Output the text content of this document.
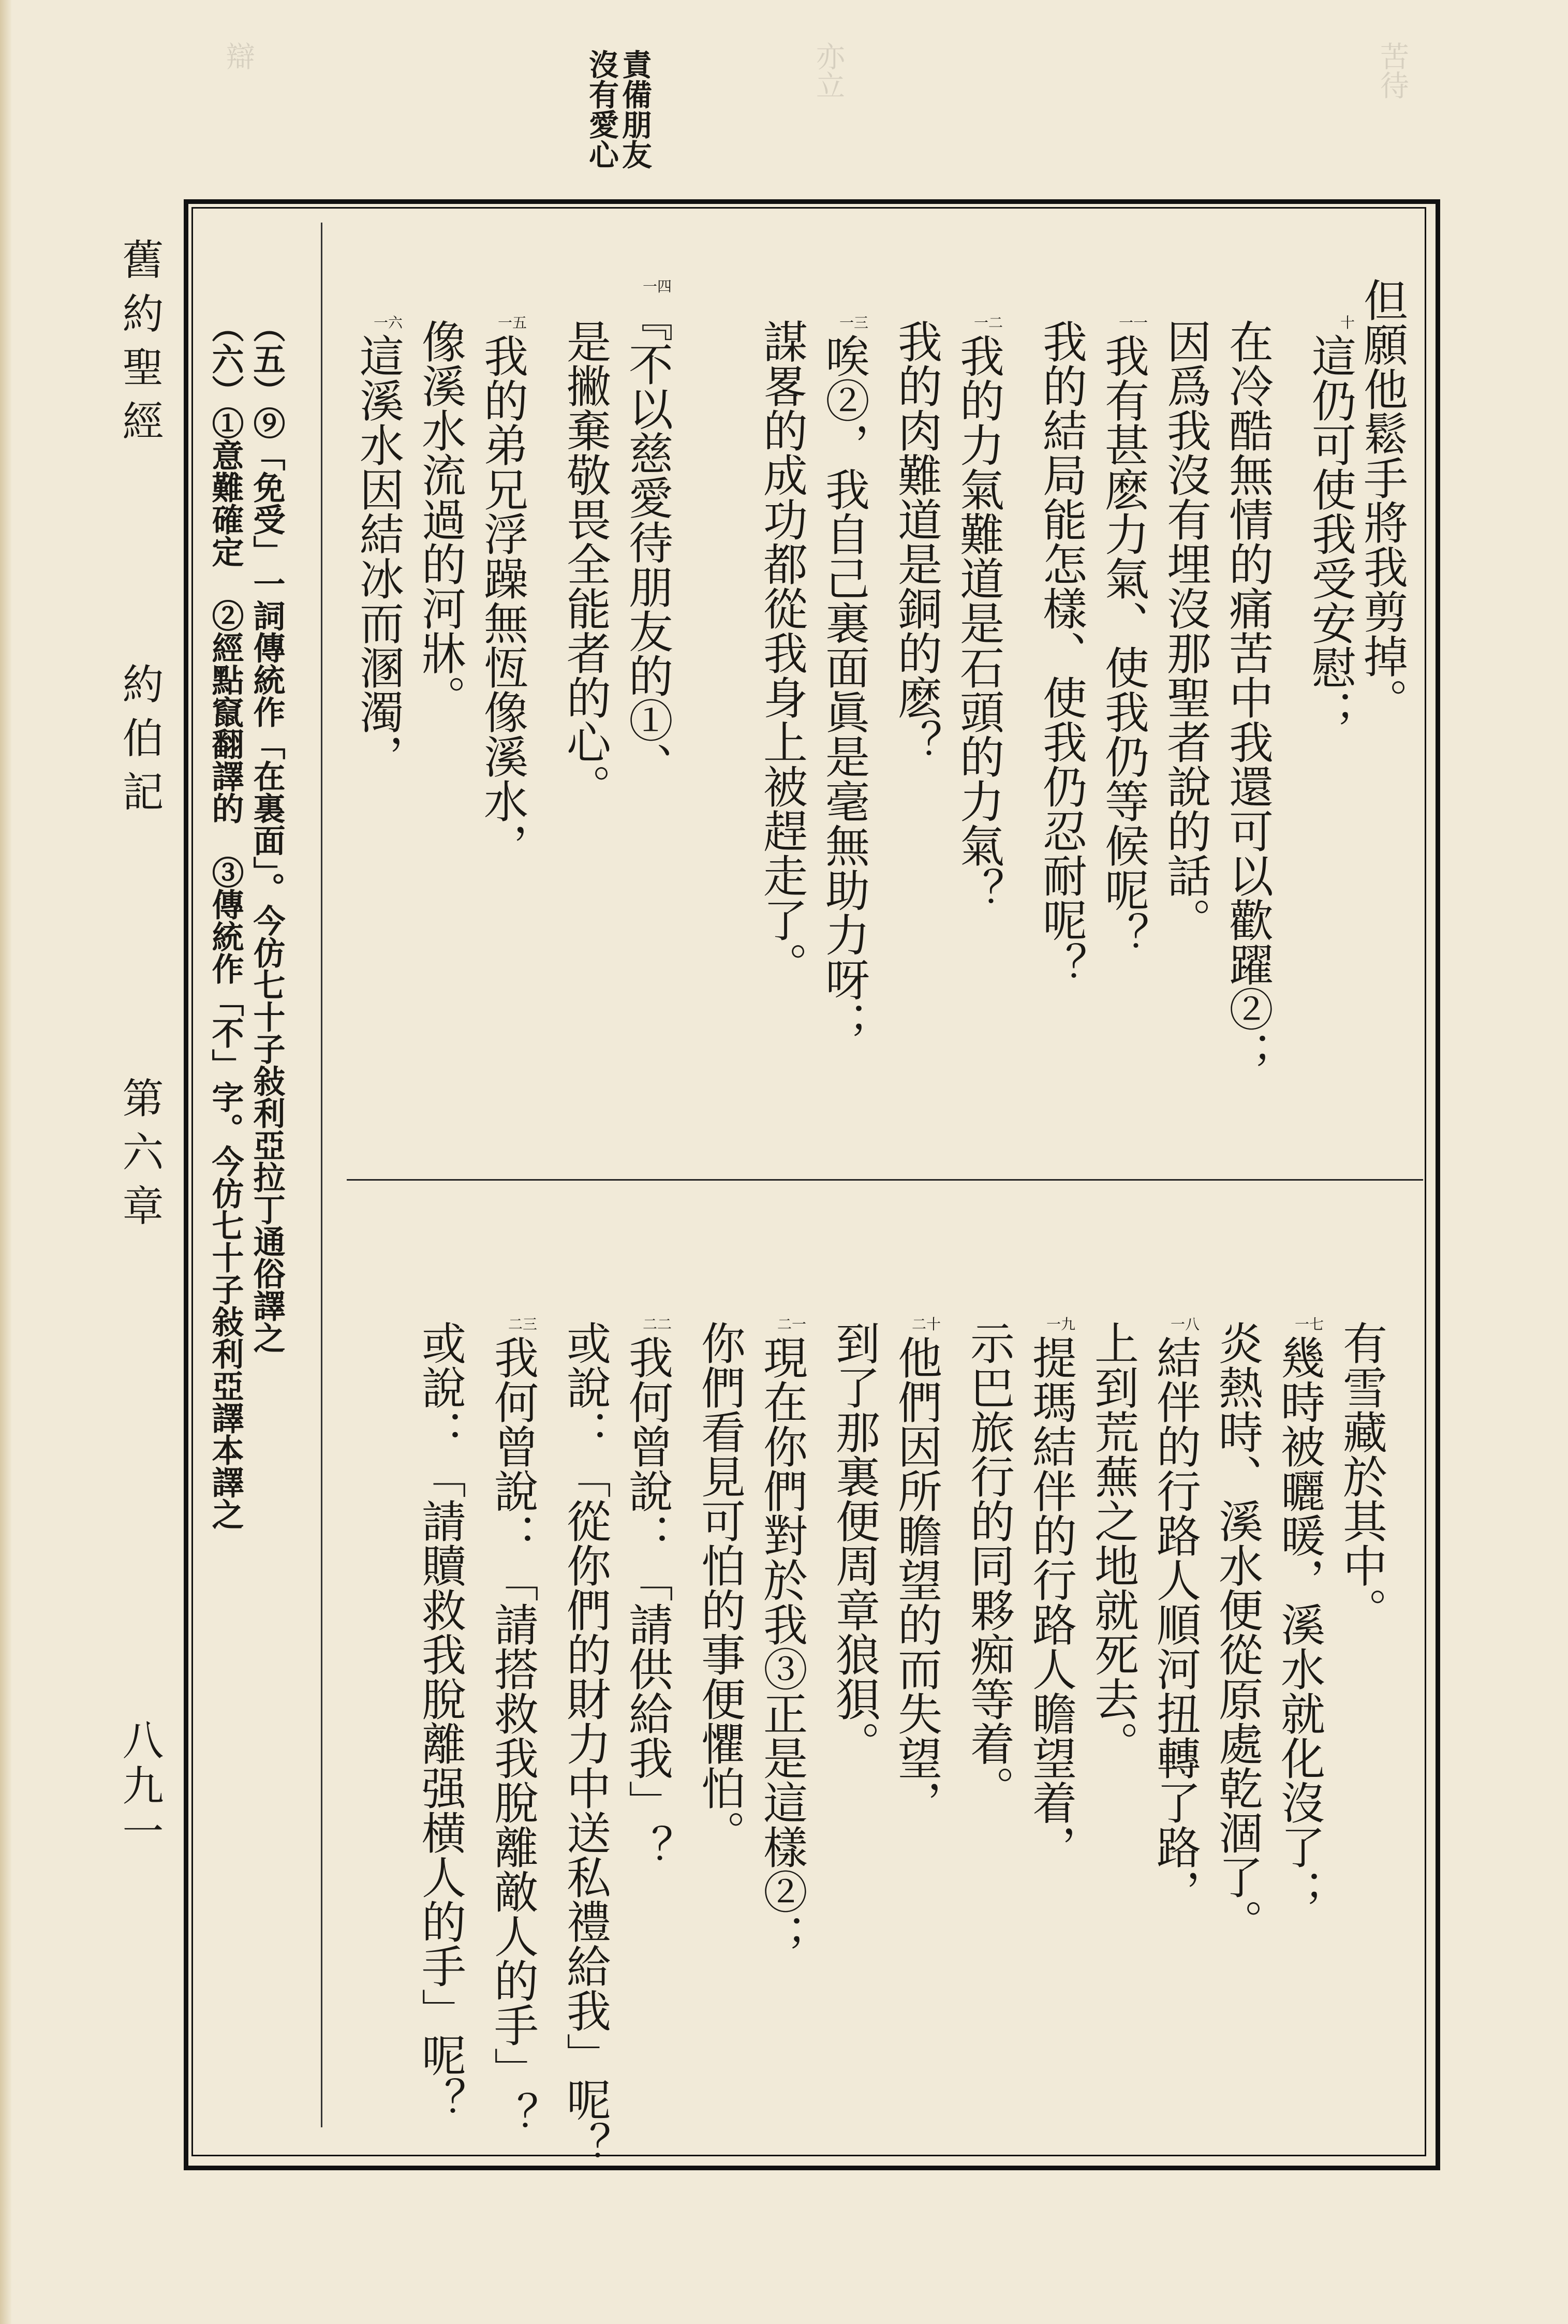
苦待
亦立
辯	責備朋友
沒有愛心
舊約聖經
約伯記
第六章
八九一
但願他鬆手將我剪掉。
十這仍可使我受安慰；
在冷酷無情的痛苦中我還可以歡躍②；
因爲我沒有埋沒那聖者說的話。
一一我有甚麽力氣、使我仍等候呢？
我的結局能怎樣、使我仍忍耐呢？
一二我的力氣難道是石頭的力氣？
我的肉難道是銅的麽？
一三唉②，我自己裏面眞是毫無助力呀；
謀畧的成功都從我身上被趕走了。
一四『不以慈愛待朋友的①、
是撇棄敬畏全能者的心。
一五我的弟兄浮躁無恆像溪水，
像溪水流過的河牀。
一六這溪水因結冰而溷濁，
有雪藏於其中。
一七幾時被曬暖，溪水就化沒了；
炎熱時、溪水便從原處乾涸了。
一八結伴的行路人順河扭轉了路，
上到荒蕪之地就死去。
一九提瑪結伴的行路人瞻望着，
示巴旅行的同夥痴等着。
二十他們因所瞻望的而失望，
到了那裏便周章狼狽。
二一現在你們對於我③正是這樣②；
你們看見可怕的事便懼怕。
二二我何曾說：「請供給我」？
或說：「從你們的財力中送私禮給我」呢？
二三我何曾說：「請搭救我脫離敵人的手」？
或說：「請贖救我脫離强横人的手」呢？
（五）⑨「免受」一詞傳統作「在裏面」。今仿七十子敍利亞拉丁通俗譯之
（六）①意難確定　②經點竄翻譯的　③傳統作「不」字。今仿七十子敍利亞譯本譯之
